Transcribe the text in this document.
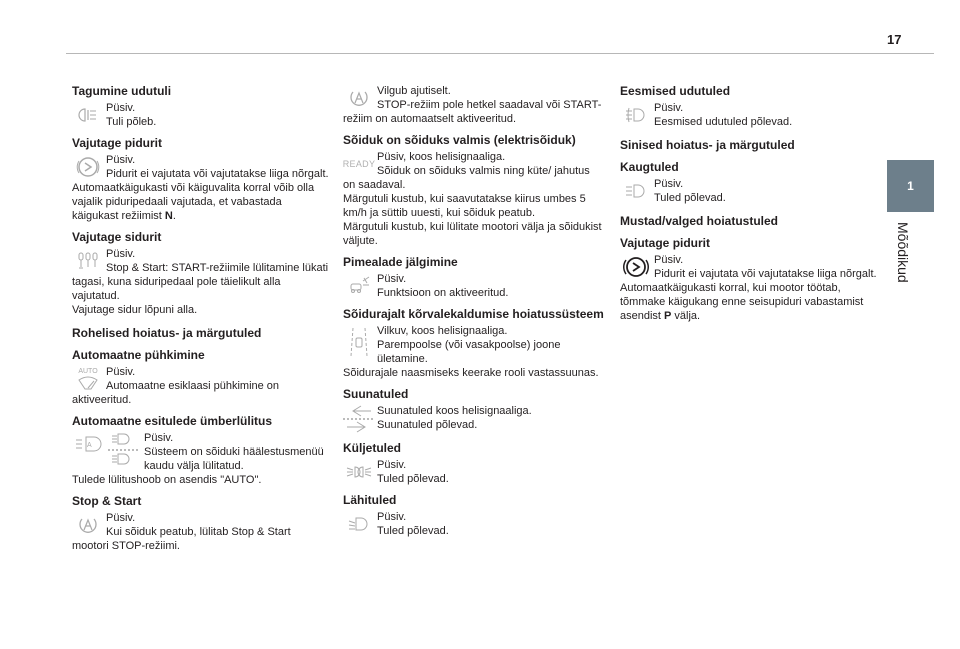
17
1
Mõõdikud
Tagumine udutuli
Püsiv.
Tuli põleb.
Vajutage pidurit
Püsiv.
Pidurit ei vajutata või vajutatakse liiga nõrgalt.
Automaatkäigukasti või käiguvalita korral võib olla vajalik piduripedaali vajutada, et vabastada käigukast režiimist N.
Vajutage sidurit
Püsiv.
Stop & Start: START-režiimile lülitamine lükati tagasi, kuna siduripedaal pole täielikult alla vajutatud.
Vajutage sidur lõpuni alla.
Rohelised hoiatus- ja märgutuled
Automaatne pühkimine
AUTO Püsiv.
Automaatne esiklaasi pühkimine on aktiveeritud.
Automaatne esitulede ümberlülitus
A
Püsiv.
Süsteem on sõiduki häälestusmenüü kaudu välja lülitatud.
Tulede lülitushoob on asendis "AUTO".
Stop & Start
Püsiv.
Kui sõiduk peatub, lülitab Stop & Start mootori STOP-režiimi.
Vilgub ajutiselt.
STOP-režiim pole hetkel saadaval või START-režiim on automaatselt aktiveeritud.
Sõiduk on sõiduks valmis (elektrisõiduk)
READY
Püsiv, koos helisignaaliga.
Sõiduk on sõiduks valmis ning küte/ jahutus on saadaval.
Märgutuli kustub, kui saavutatakse kiirus umbes 5 km/h ja süttib uuesti, kui sõiduk peatub.
Märgutuli kustub, kui lülitate mootori välja ja sõidukist väljute.
Pimealade jälgimine
Püsiv.
Funktsioon on aktiveeritud.
Sõidurajalt kõrvalekaldumise hoiatussüsteem
Vilkuv, koos helisignaaliga.
Parempoolse (või vasakpoolse) joone ületamine.
Sõidurajale naasmiseks keerake rooli vastassuunas.
Suunatuled
Suunatuled koos helisignaaliga.
Suunatuled põlevad.
Küljetuled
Püsiv.
Tuled põlevad.
Lähituled
Püsiv.
Tuled põlevad.
Eesmised udutuled
Püsiv.
Eesmised udutuled põlevad.
Sinised hoiatus- ja märgutuled
Kaugtuled
Püsiv.
Tuled põlevad.
Mustad/valged hoiatustuled
Vajutage pidurit
Püsiv.
Pidurit ei vajutata või vajutatakse liiga nõrgalt.
Automaatkäigukasti korral, kui mootor töötab, tõmmake käigukang enne seisupiduri vabastamist asendist P välja.
